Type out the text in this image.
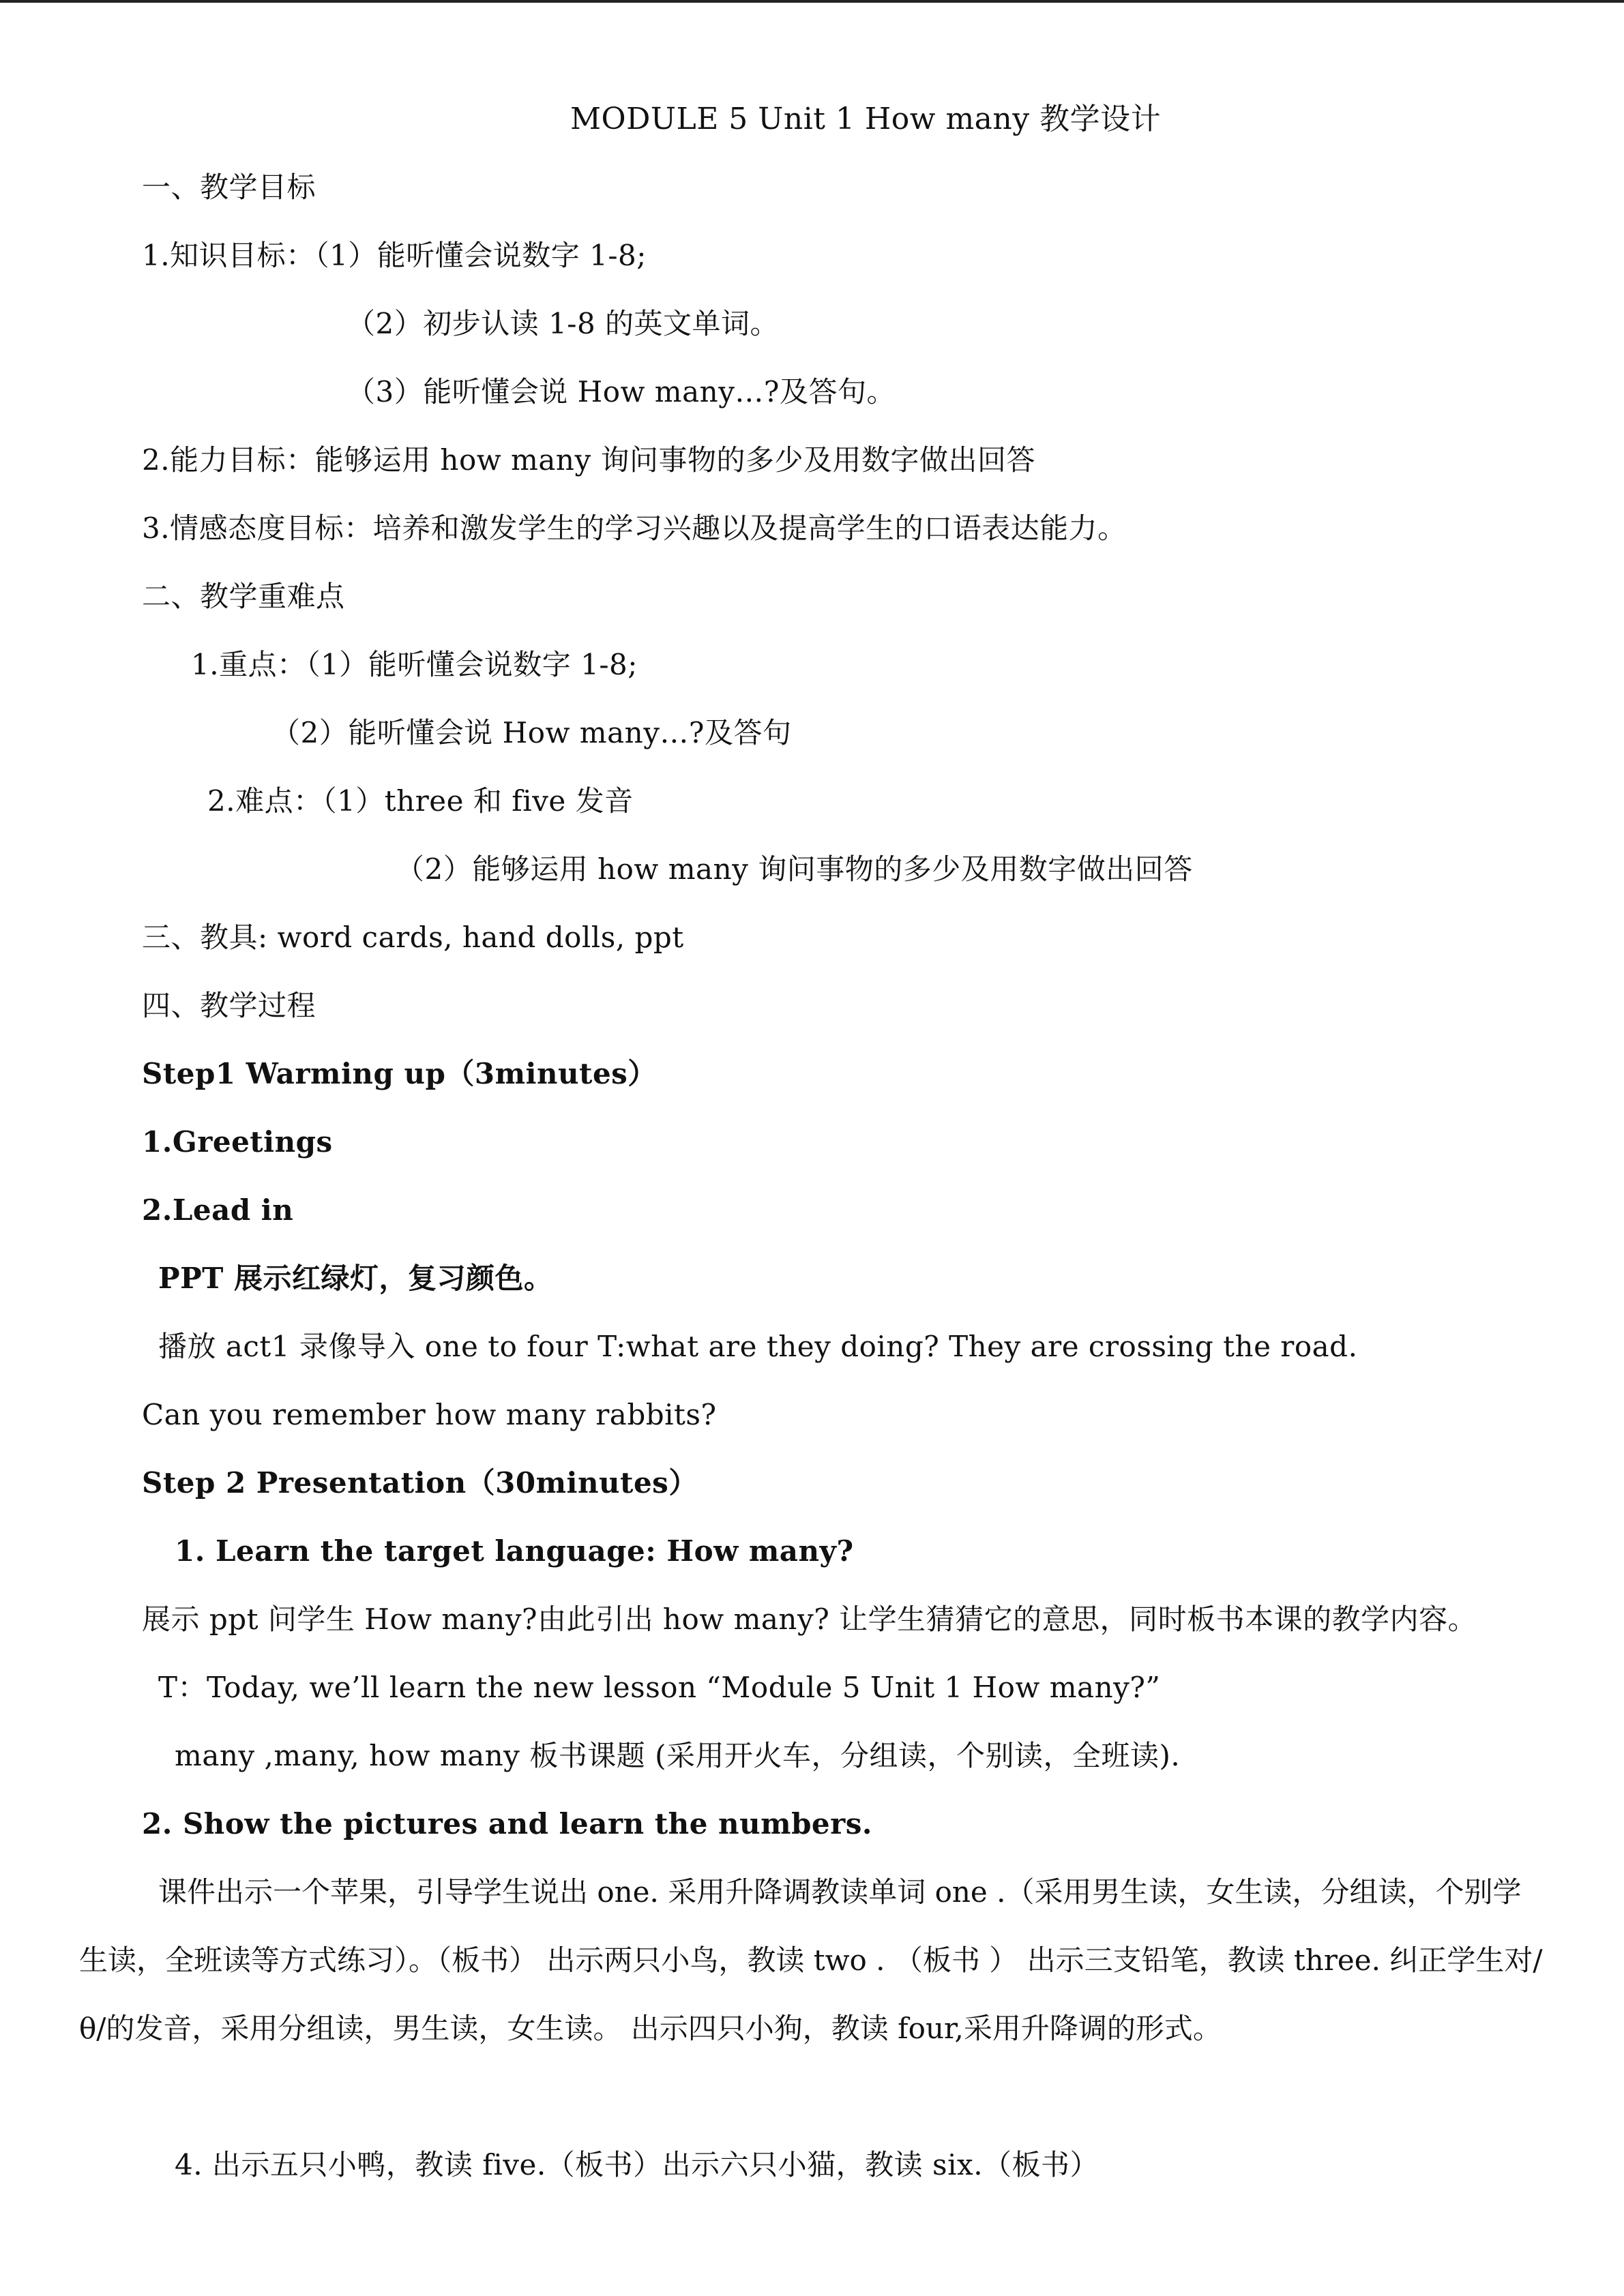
MODULE 5 Unit 1 How many 教学设计
一、教学目标
1.知识目标：（1）能听懂会说数字 1-8;
（2）初步认读 1-8 的英文单词。
（3）能听懂会说 How many…?及答句。
2.能力目标：能够运用 how many 询问事物的多少及用数字做出回答
3.情感态度目标：培养和激发学生的学习兴趣以及提高学生的口语表达能力。
二、教学重难点
1.重点：（1）能听懂会说数字 1-8;
（2）能听懂会说 How many…?及答句
2.难点：（1）three 和 five 发音
（2）能够运用 how many 询问事物的多少及用数字做出回答
三、教具: word cards, hand dolls, ppt
四、教学过程
Step1 Warming up（3minutes）
1.Greetings
2.Lead in
PPT 展示红绿灯，复习颜色。
播放 act1 录像导入 one to four T:what are they doing? They are crossing the road.
Can you remember how many rabbits?
Step 2 Presentation（30minutes）
1. Learn the target language: How many?
展示 ppt 问学生 How many?由此引出 how many? 让学生猜猜它的意思，同时板书本课的教学内容。
T：Today, we’ll learn the new lesson “Module 5 Unit 1 How many?”
many ,many, how many 板书课题 (采用开火车，分组读，个别读，全班读).
2. Show the pictures and learn the numbers.
课件出示一个苹果，引导学生说出 one. 采用升降调教读单词 one .（采用男生读，女生读，分组读，个别学生读，全班读等方式练习）。（板书） 出示两只小鸟，教读 two . （板书 ） 出示三支铅笔，教读 three. 纠正学生对/θ/的发音，采用分组读，男生读，女生读。 出示四只小狗，教读 four,采用升降调的形式。
4. 出示五只小鸭，教读 five.（板书）出示六只小猫，教读 six.（板书）
